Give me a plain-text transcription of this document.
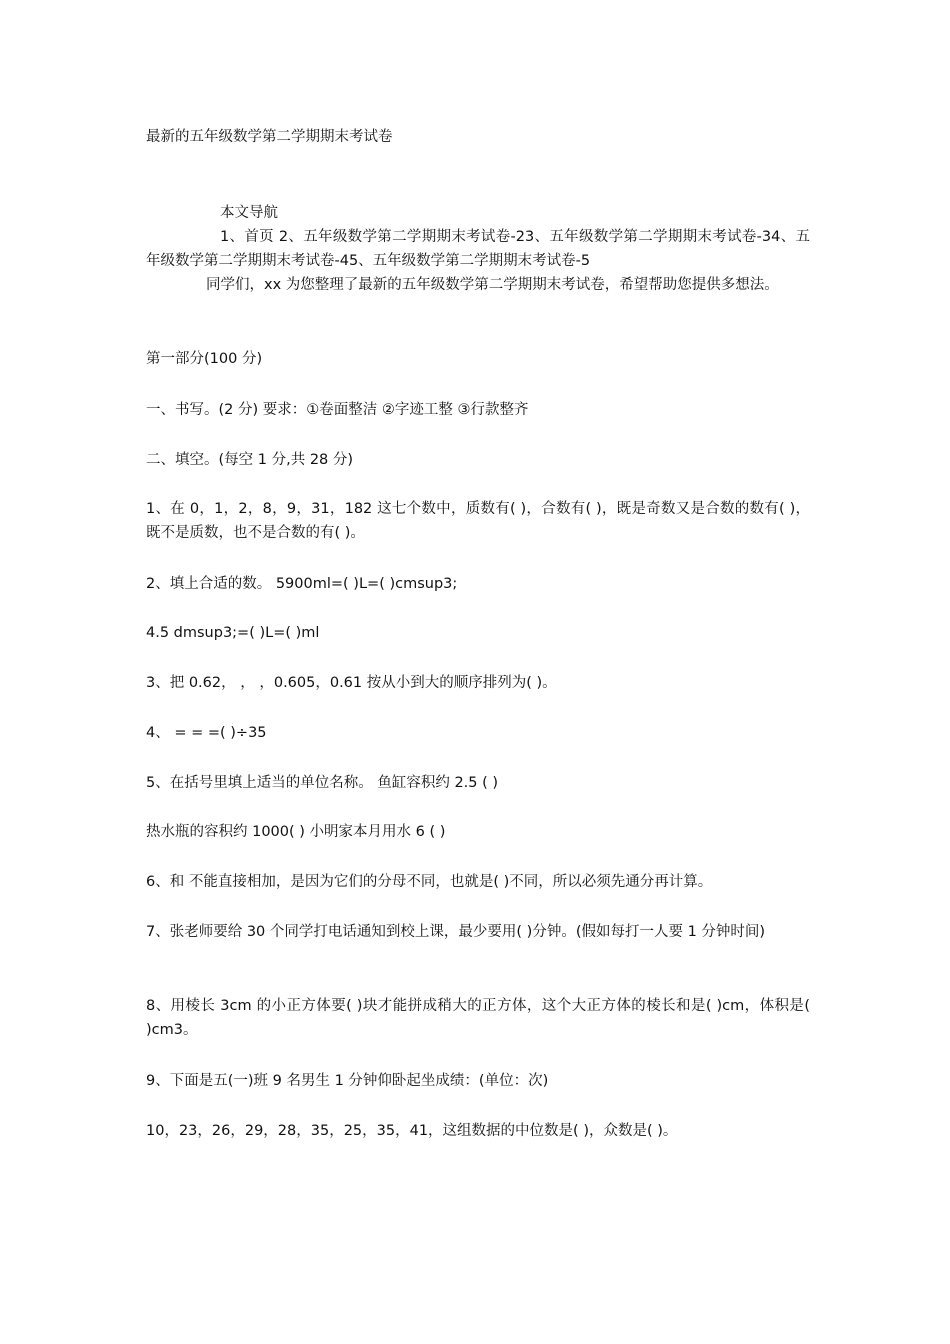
最新的五年级数学第二学期期末考试卷
本文导航
1、首页 2、五年级数学第二学期期末考试卷-23、五年级数学第二学期期末考试卷-34、五年级数学第二学期期末考试卷-45、五年级数学第二学期期末考试卷-5
同学们，xx 为您整理了最新的五年级数学第二学期期末考试卷，希望帮助您提供多想法。
第一部分(100 分)
一、书写。(2 分) 要求：①卷面整洁 ②字迹工整 ③行款整齐
二、填空。(每空 1 分,共 28 分)
1、在 0，1，2，8，9，31，182 这七个数中，质数有( )，合数有( )，既是奇数又是合数的数有( )，既不是质数，也不是合数的有( )。
2、填上合适的数。 5900ml=( )L=( )cmsup3;
4.5 dmsup3;=( )L=( )ml
3、把 0.62， ， ，0.605，0.61 按从小到大的顺序排列为( )。
4、 = = =( )÷35
5、在括号里填上适当的单位名称。 鱼缸容积约 2.5 ( )
热水瓶的容积约 1000( ) 小明家本月用水 6 ( )
6、和 不能直接相加，是因为它们的分母不同，也就是( )不同，所以必须先通分再计算。
7、张老师要给 30 个同学打电话通知到校上课，最少要用( )分钟。(假如每打一人要 1 分钟时间)
8、用棱长 3cm 的小正方体要( )块才能拼成稍大的正方体，这个大正方体的棱长和是( )cm，体积是( )cm3。
9、下面是五(一)班 9 名男生 1 分钟仰卧起坐成绩：(单位：次)
10，23，26，29，28，35，25，35，41，这组数据的中位数是( )，众数是( )。
